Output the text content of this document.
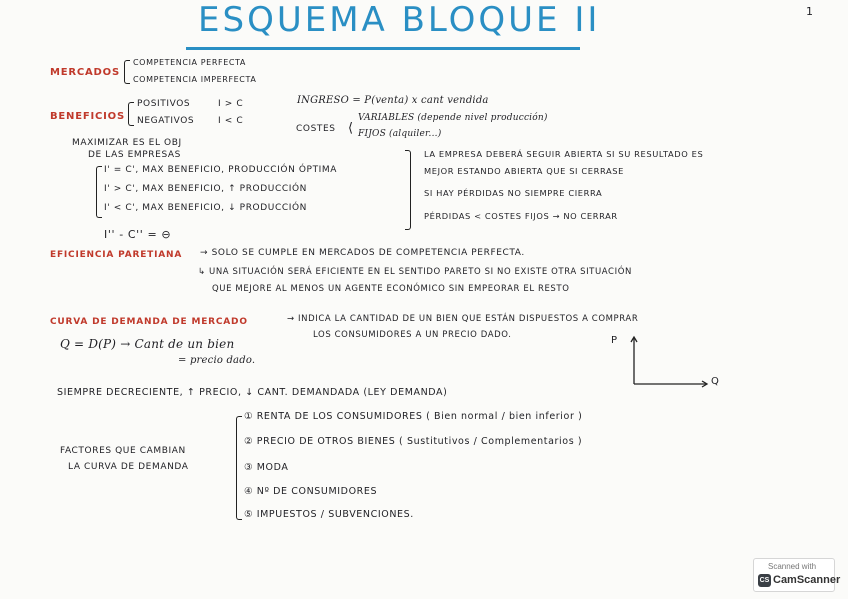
1
ESQUEMA BLOQUE II
MERCADOS
COMPETENCIA PERFECTA
COMPETENCIA IMPERFECTA
BENEFICIOS
POSITIVOS
NEGATIVOS
I > C
I < C
INGRESO = P(venta) x cant vendida
COSTES ⟨
VARIABLES (depende nivel producción)
FIJOS (alquiler...)
MAXIMIZAR ES EL OBJ
DE LAS EMPRESAS
I' = C', MAX BENEFICIO, PRODUCCIÓN ÓPTIMA
I' > C', MAX BENEFICIO, ↑ PRODUCCIÓN
I' < C', MAX BENEFICIO, ↓ PRODUCCIÓN
I'' - C'' = ⊖
LA EMPRESA DEBERÁ SEGUIR ABIERTA SI SU RESULTADO ES
MEJOR ESTANDO ABIERTA QUE SI CERRASE
SI HAY PÉRDIDAS NO SIEMPRE CIERRA
PÉRDIDAS < COSTES FIJOS → NO CERRAR
EFICIENCIA PARETIANA → SOLO SE CUMPLE EN MERCADOS DE COMPETENCIA PERFECTA.
↳ UNA SITUACIÓN SERÁ EFICIENTE EN EL SENTIDO PARETO SI NO EXISTE OTRA SITUACIÓN
QUE MEJORE AL MENOS UN AGENTE ECONÓMICO SIN EMPEORAR EL RESTO
CURVA DE DEMANDA DE MERCADO	→ INDICA LA CANTIDAD DE UN BIEN QUE ESTÁN DISPUESTOS A COMPRAR
LOS CONSUMIDORES A UN PRECIO DADO.
Q = D(P) → Cant de un bien
= precio dado.
P
Q
SIEMPRE DECRECIENTE, ↑ PRECIO, ↓ CANT. DEMANDADA (LEY DEMANDA)
FACTORES QUE CAMBIAN
LA CURVA DE DEMANDA
① RENTA DE LOS CONSUMIDORES ( Bien normal / bien inferior )
② PRECIO DE OTROS BIENES ( Sustitutivos / Complementarios )
③ MODA
④ Nº DE CONSUMIDORES
⑤ IMPUESTOS / SUBVENCIONES.
Scanned with
CS CamScanner
